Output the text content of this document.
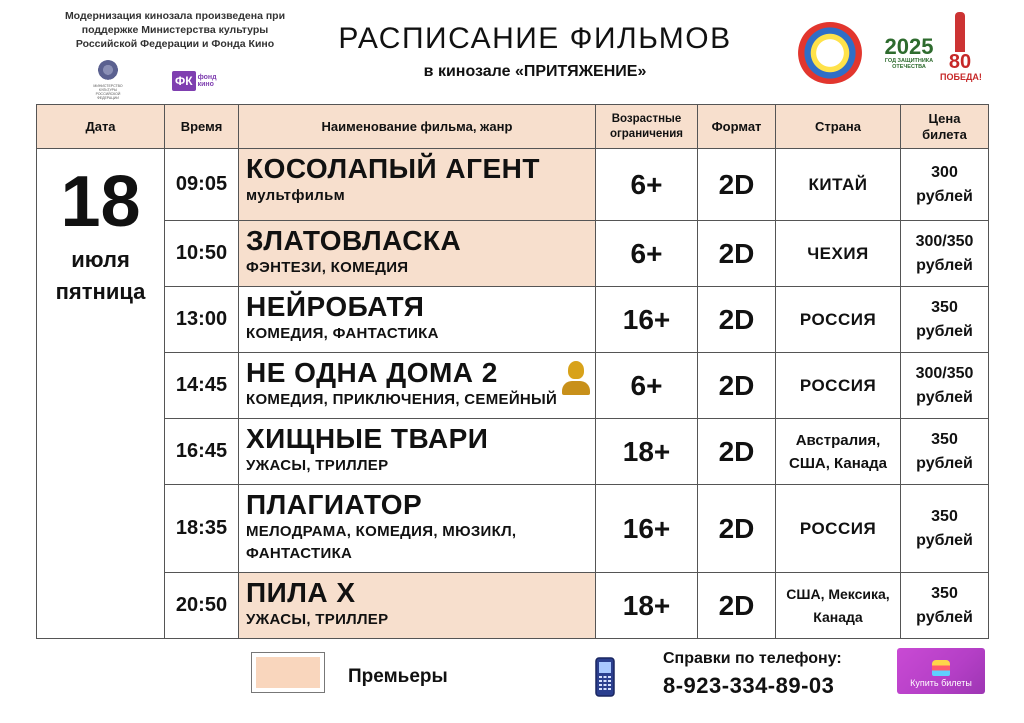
Модернизация кинозала произведена при
поддержке Министерства культуры
Российской Федерации и Фонда Кино
МИНИСТЕРСТВО КУЛЬТУРЫ РОССИЙСКОЙ ФЕДЕРАЦИИ
ФК фонд кино
РАСПИСАНИЕ ФИЛЬМОВ
в кинозале «ПРИТЯЖЕНИЕ»
2025
ГОД ЗАЩИТНИКА ОТЕЧЕСТВА	80
ПОБЕДА!
Дата	Время	Наименование фильма, жанр	Возрастные
ограничения	Формат	Страна	Цена
билета

18
июля
пятница	09:05	КОСОЛАПЫЙ АГЕНТ
мультфильм	6+	2D	КИТАЙ	300
рублей
	10:50	ЗЛАТОВЛАСКА
ФЭНТЕЗИ, КОМЕДИЯ	6+	2D	ЧЕХИЯ	300/350
рублей
	13:00	НЕЙРОБАТЯ
КОМЕДИЯ, ФАНТАСТИКА	16+	2D	РОССИЯ	350
рублей
	14:45	НЕ ОДНА ДОМА 2
КОМЕДИЯ, ПРИКЛЮЧЕНИЯ, СЕМЕЙНЫЙ	6+	2D	РОССИЯ	300/350
рублей
	16:45	ХИЩНЫЕ ТВАРИ
УЖАСЫ, ТРИЛЛЕР	18+	2D	Австралия,
США, Канада	350
рублей
	18:35	ПЛАГИАТОР
МЕЛОДРАМА, КОМЕДИЯ, МЮЗИКЛ, ФАНТАСТИКА	16+	2D	РОССИЯ	350
рублей
	20:50	ПИЛА X
УЖАСЫ, ТРИЛЛЕР	18+	2D	США, Мексика,
Канада	350
рублей
Премьеры
Справки по телефону:
8-923-334-89-03	Купить билеты
